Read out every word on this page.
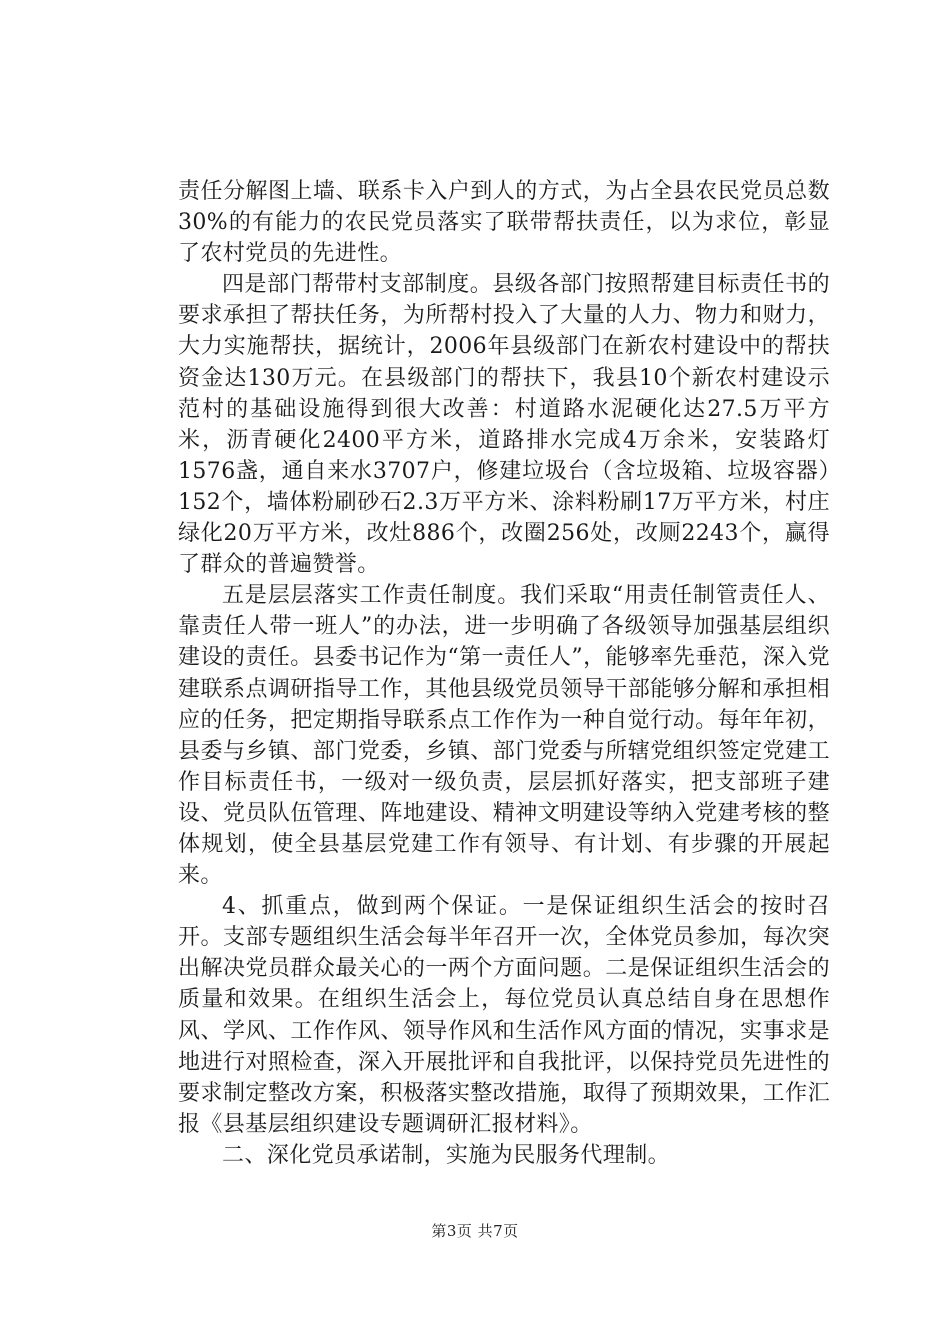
责任分解图上墙、联系卡入户到人的方式，为占全县农民党员总数30%的有能力的农民党员落实了联带帮扶责任，以为求位，彰显了农村党员的先进性。

四是部门帮带村支部制度。县级各部门按照帮建目标责任书的要求承担了帮扶任务，为所帮村投入了大量的人力、物力和财力，大力实施帮扶，据统计，2006年县级部门在新农村建设中的帮扶资金达130万元。在县级部门的帮扶下，我县10个新农村建设示范村的基础设施得到很大改善：村道路水泥硬化达27.5万平方米，沥青硬化2400平方米，道路排水完成4万余米，安装路灯1576盏，通自来水3707户，修建垃圾台（含垃圾箱、垃圾容器）152个，墙体粉刷砂石2.3万平方米、涂料粉刷17万平方米，村庄绿化20万平方米，改灶886个，改圈256处，改厕2243个，赢得了群众的普遍赞誉。

五是层层落实工作责任制度。我们采取“用责任制管责任人、靠责任人带一班人”的办法，进一步明确了各级领导加强基层组织建设的责任。县委书记作为“第一责任人”，能够率先垂范，深入党建联系点调研指导工作，其他县级党员领导干部能够分解和承担相应的任务，把定期指导联系点工作作为一种自觉行动。每年年初，县委与乡镇、部门党委，乡镇、部门党委与所辖党组织签定党建工作目标责任书，一级对一级负责，层层抓好落实，把支部班子建设、党员队伍管理、阵地建设、精神文明建设等纳入党建考核的整体规划，使全县基层党建工作有领导、有计划、有步骤的开展起来。

4、抓重点，做到两个保证。一是保证组织生活会的按时召开。支部专题组织生活会每半年召开一次，全体党员参加，每次突出解决党员群众最关心的一两个方面问题。二是保证组织生活会的质量和效果。在组织生活会上，每位党员认真总结自身在思想作风、学风、工作作风、领导作风和生活作风方面的情况，实事求是地进行对照检查，深入开展批评和自我批评，以保持党员先进性的要求制定整改方案，积极落实整改措施，取得了预期效果，工作汇报《县基层组织建设专题调研汇报材料》。

二、深化党员承诺制，实施为民服务代理制。

第3页 共7页
